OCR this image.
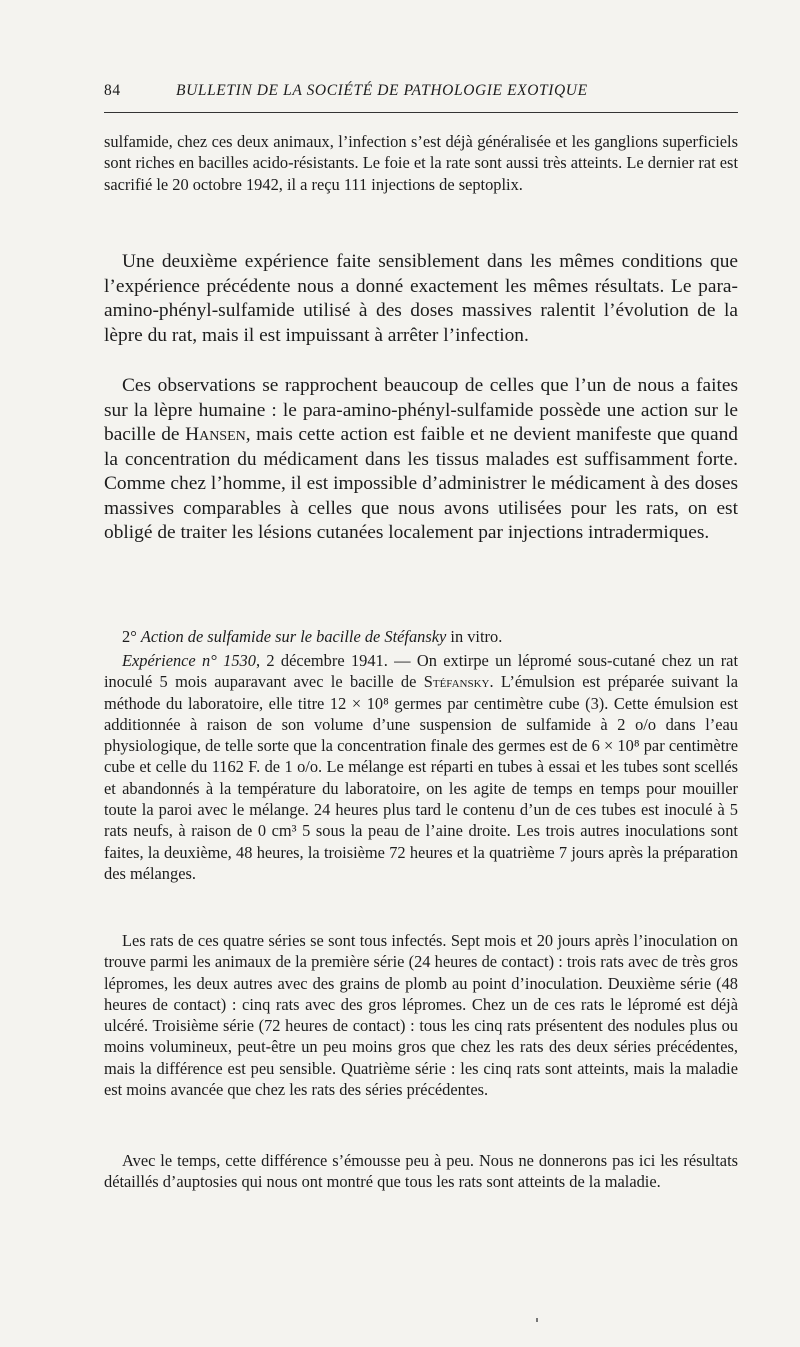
84	BULLETIN DE LA SOCIÉTÉ DE PATHOLOGIE EXOTIQUE

sulfamide, chez ces deux animaux, l’infection s’est déjà généralisée et les ganglions superficiels sont riches en bacilles acido-résistants. Le foie et la rate sont aussi très atteints. Le dernier rat est sacrifié le 20 octobre 1942, il a reçu 111 injections de septoplix.

Une deuxième expérience faite sensiblement dans les mêmes conditions que l’expérience précédente nous a donné exactement les mêmes résultats. Le para-amino-phényl-sulfamide utilisé à des doses massives ralentit l’évolution de la lèpre du rat, mais il est impuissant à arrêter l’infection.

Ces observations se rapprochent beaucoup de celles que l’un de nous a faites sur la lèpre humaine : le para-amino-phényl-sulfamide possède une action sur le bacille de Hansen, mais cette action est faible et ne devient manifeste que quand la concentration du médicament dans les tissus malades est suffisamment forte. Comme chez l’homme, il est impossible d’administrer le médicament à des doses massives comparables à celles que nous avons utilisées pour les rats, on est obligé de traiter les lésions cutanées localement par injections intradermiques.

2° Action de sulfamide sur le bacille de Stéfansky in vitro.

Expérience n° 1530, 2 décembre 1941. — On extirpe un lépromé sous-cutané chez un rat inoculé 5 mois auparavant avec le bacille de Stéfansky. L’émulsion est préparée suivant la méthode du laboratoire, elle titre 12 × 10⁸ germes par centimètre cube (3). Cette émulsion est additionnée à raison de son volume d’une suspension de sulfamide à 2 o/o dans l’eau physiologique, de telle sorte que la concentration finale des germes est de 6 × 10⁸ par centimètre cube et celle du 1162 F. de 1 o/o. Le mélange est réparti en tubes à essai et les tubes sont scellés et abandonnés à la température du laboratoire, on les agite de temps en temps pour mouiller toute la paroi avec le mélange. 24 heures plus tard le contenu d’un de ces tubes est inoculé à 5 rats neufs, à raison de 0 cm³ 5 sous la peau de l’aine droite. Les trois autres inoculations sont faites, la deuxième, 48 heures, la troisième 72 heures et la quatrième 7 jours après la préparation des mélanges.

Les rats de ces quatre séries se sont tous infectés. Sept mois et 20 jours après l’inoculation on trouve parmi les animaux de la première série (24 heures de contact) : trois rats avec de très gros lépromes, les deux autres avec des grains de plomb au point d’inoculation. Deuxième série (48 heures de contact) : cinq rats avec des gros lépromes. Chez un de ces rats le lépromé est déjà ulcéré. Troisième série (72 heures de contact) : tous les cinq rats présentent des nodules plus ou moins volumineux, peut-être un peu moins gros que chez les rats des deux séries précédentes, mais la différence est peu sensible. Quatrième série : les cinq rats sont atteints, mais la maladie est moins avancée que chez les rats des séries précédentes.

Avec le temps, cette différence s’émousse peu à peu. Nous ne donnerons pas ici les résultats détaillés d’auptosies qui nous ont montré que tous les rats sont atteints de la maladie.
